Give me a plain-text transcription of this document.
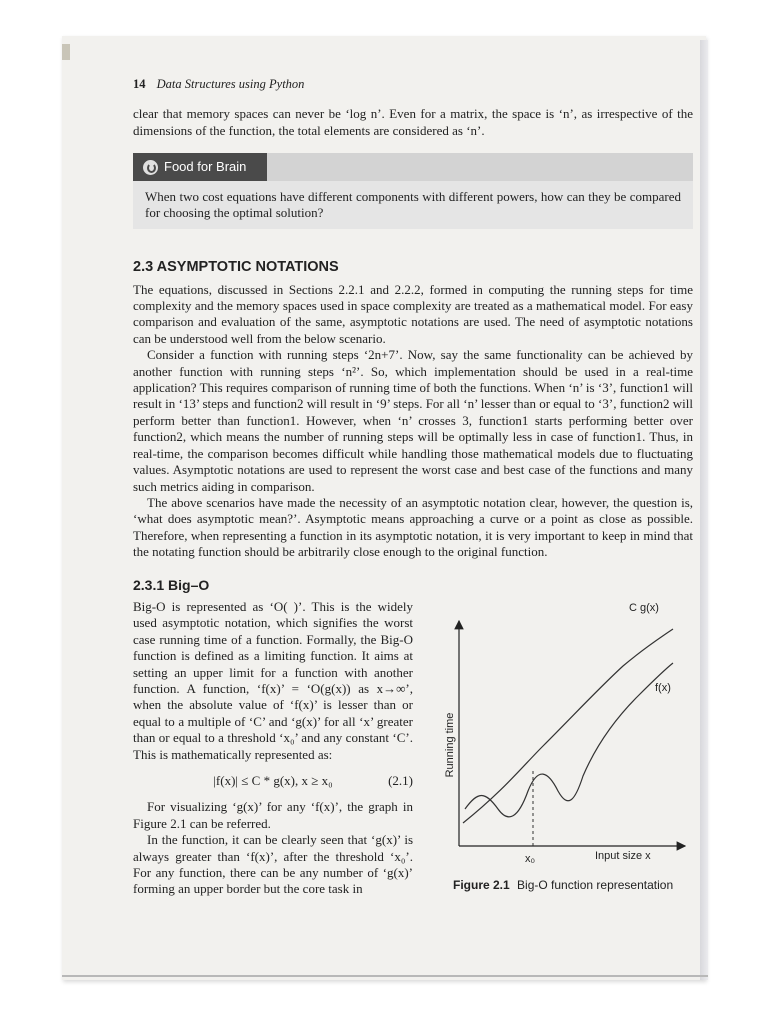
14 Data Structures using Python

clear that memory spaces can never be ‘log n’. Even for a matrix, the space is ‘n’, as irrespective of the dimensions of the function, the total elements are considered as ‘n’.

Food for Brain

When two cost equations have different components with different powers, how can they be compared for choosing the optimal solution?

2.3 ASYMPTOTIC NOTATIONS

The equations, discussed in Sections 2.2.1 and 2.2.2, formed in computing the running steps for time complexity and the memory spaces used in space complexity are treated as a mathematical model. For easy comparison and evaluation of the same, asymptotic notations are used. The need of asymptotic notations can be understood well from the below scenario.

Consider a function with running steps ‘2n+7’. Now, say the same functionality can be achieved by another function with running steps ‘n²’. So, which implementation should be used in a real-time application? This requires comparison of running time of both the functions. When ‘n’ is ‘3’, function1 will result in ‘13’ steps and function2 will result in ‘9’ steps. For all ‘n’ lesser than or equal to ‘3’, function2 will perform better than function1. However, when ‘n’ crosses 3, function1 starts performing better over function2, which means the number of running steps will be optimally less in case of function1. Thus, in real-time, the comparison becomes difficult while handling those mathematical models due to fluctuating values. Asymptotic notations are used to represent the worst case and best case of the functions and many such metrics aiding in comparison.

The above scenarios have made the necessity of an asymptotic notation clear, however, the question is, ‘what does asymptotic mean?’. Asymptotic means approaching a curve or a point as close as possible. Therefore, when representing a function in its asymptotic notation, it is very important to keep in mind that the notating function should be arbitrarily close enough to the original function.

2.3.1 Big–O

Big-O is represented as ‘O( )’. This is the widely used asymptotic notation, which signifies the worst case running time of a function. Formally, the Big-O function is defined as a limiting function. It aims at setting an upper limit for a function with another function. A function, ‘f(x)’ = ‘O(g(x)) as x→∞’, when the absolute value of ‘f(x)’ is lesser than or equal to a multiple of ‘C’ and ‘g(x)’ for all ‘x’ greater than or equal to a threshold ‘x₀’ and any constant ‘C’. This is mathematically represented as:

|f(x)| ≤ C * g(x), x ≥ x₀	(2.1)

For visualizing ‘g(x)’ for any ‘f(x)’, the graph in Figure 2.1 can be referred.

In the function, it can be clearly seen that ‘g(x)’ is always greater than ‘f(x)’, after the threshold ‘x₀’. For any function, there can be any number of ‘g(x)’ forming an upper border but the core task in

C g(x)
f(x)
Running time
x₀	Input size x
Figure 2.1 Big-O function representation
